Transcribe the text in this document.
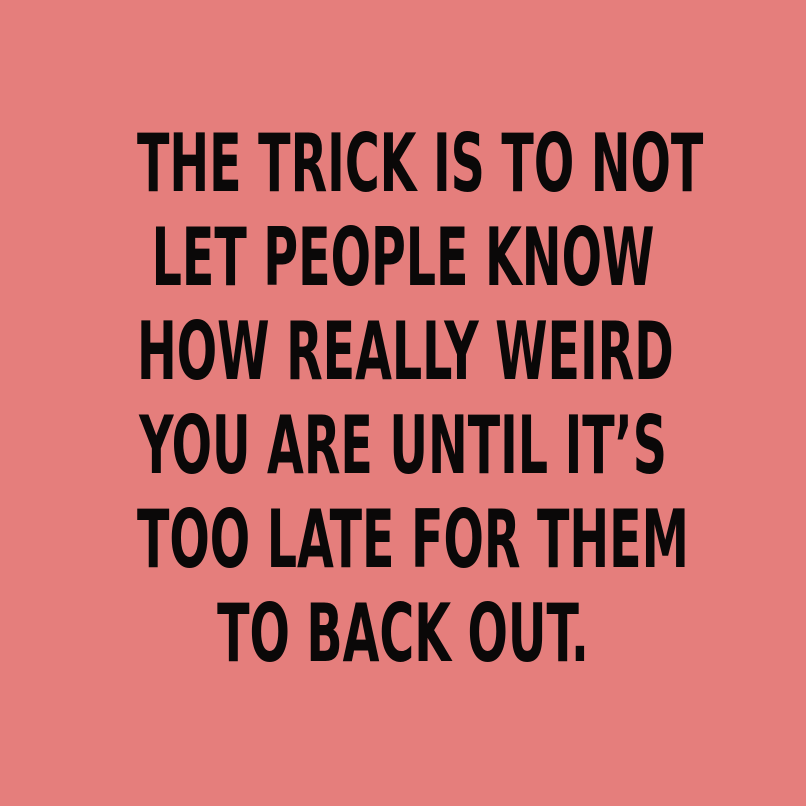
THE TRICK IS TO NOT
LET PEOPLE KNOW
HOW REALLY WEIRD
YOU ARE UNTIL IT’S
TOO LATE FOR THEM
TO BACK OUT.
